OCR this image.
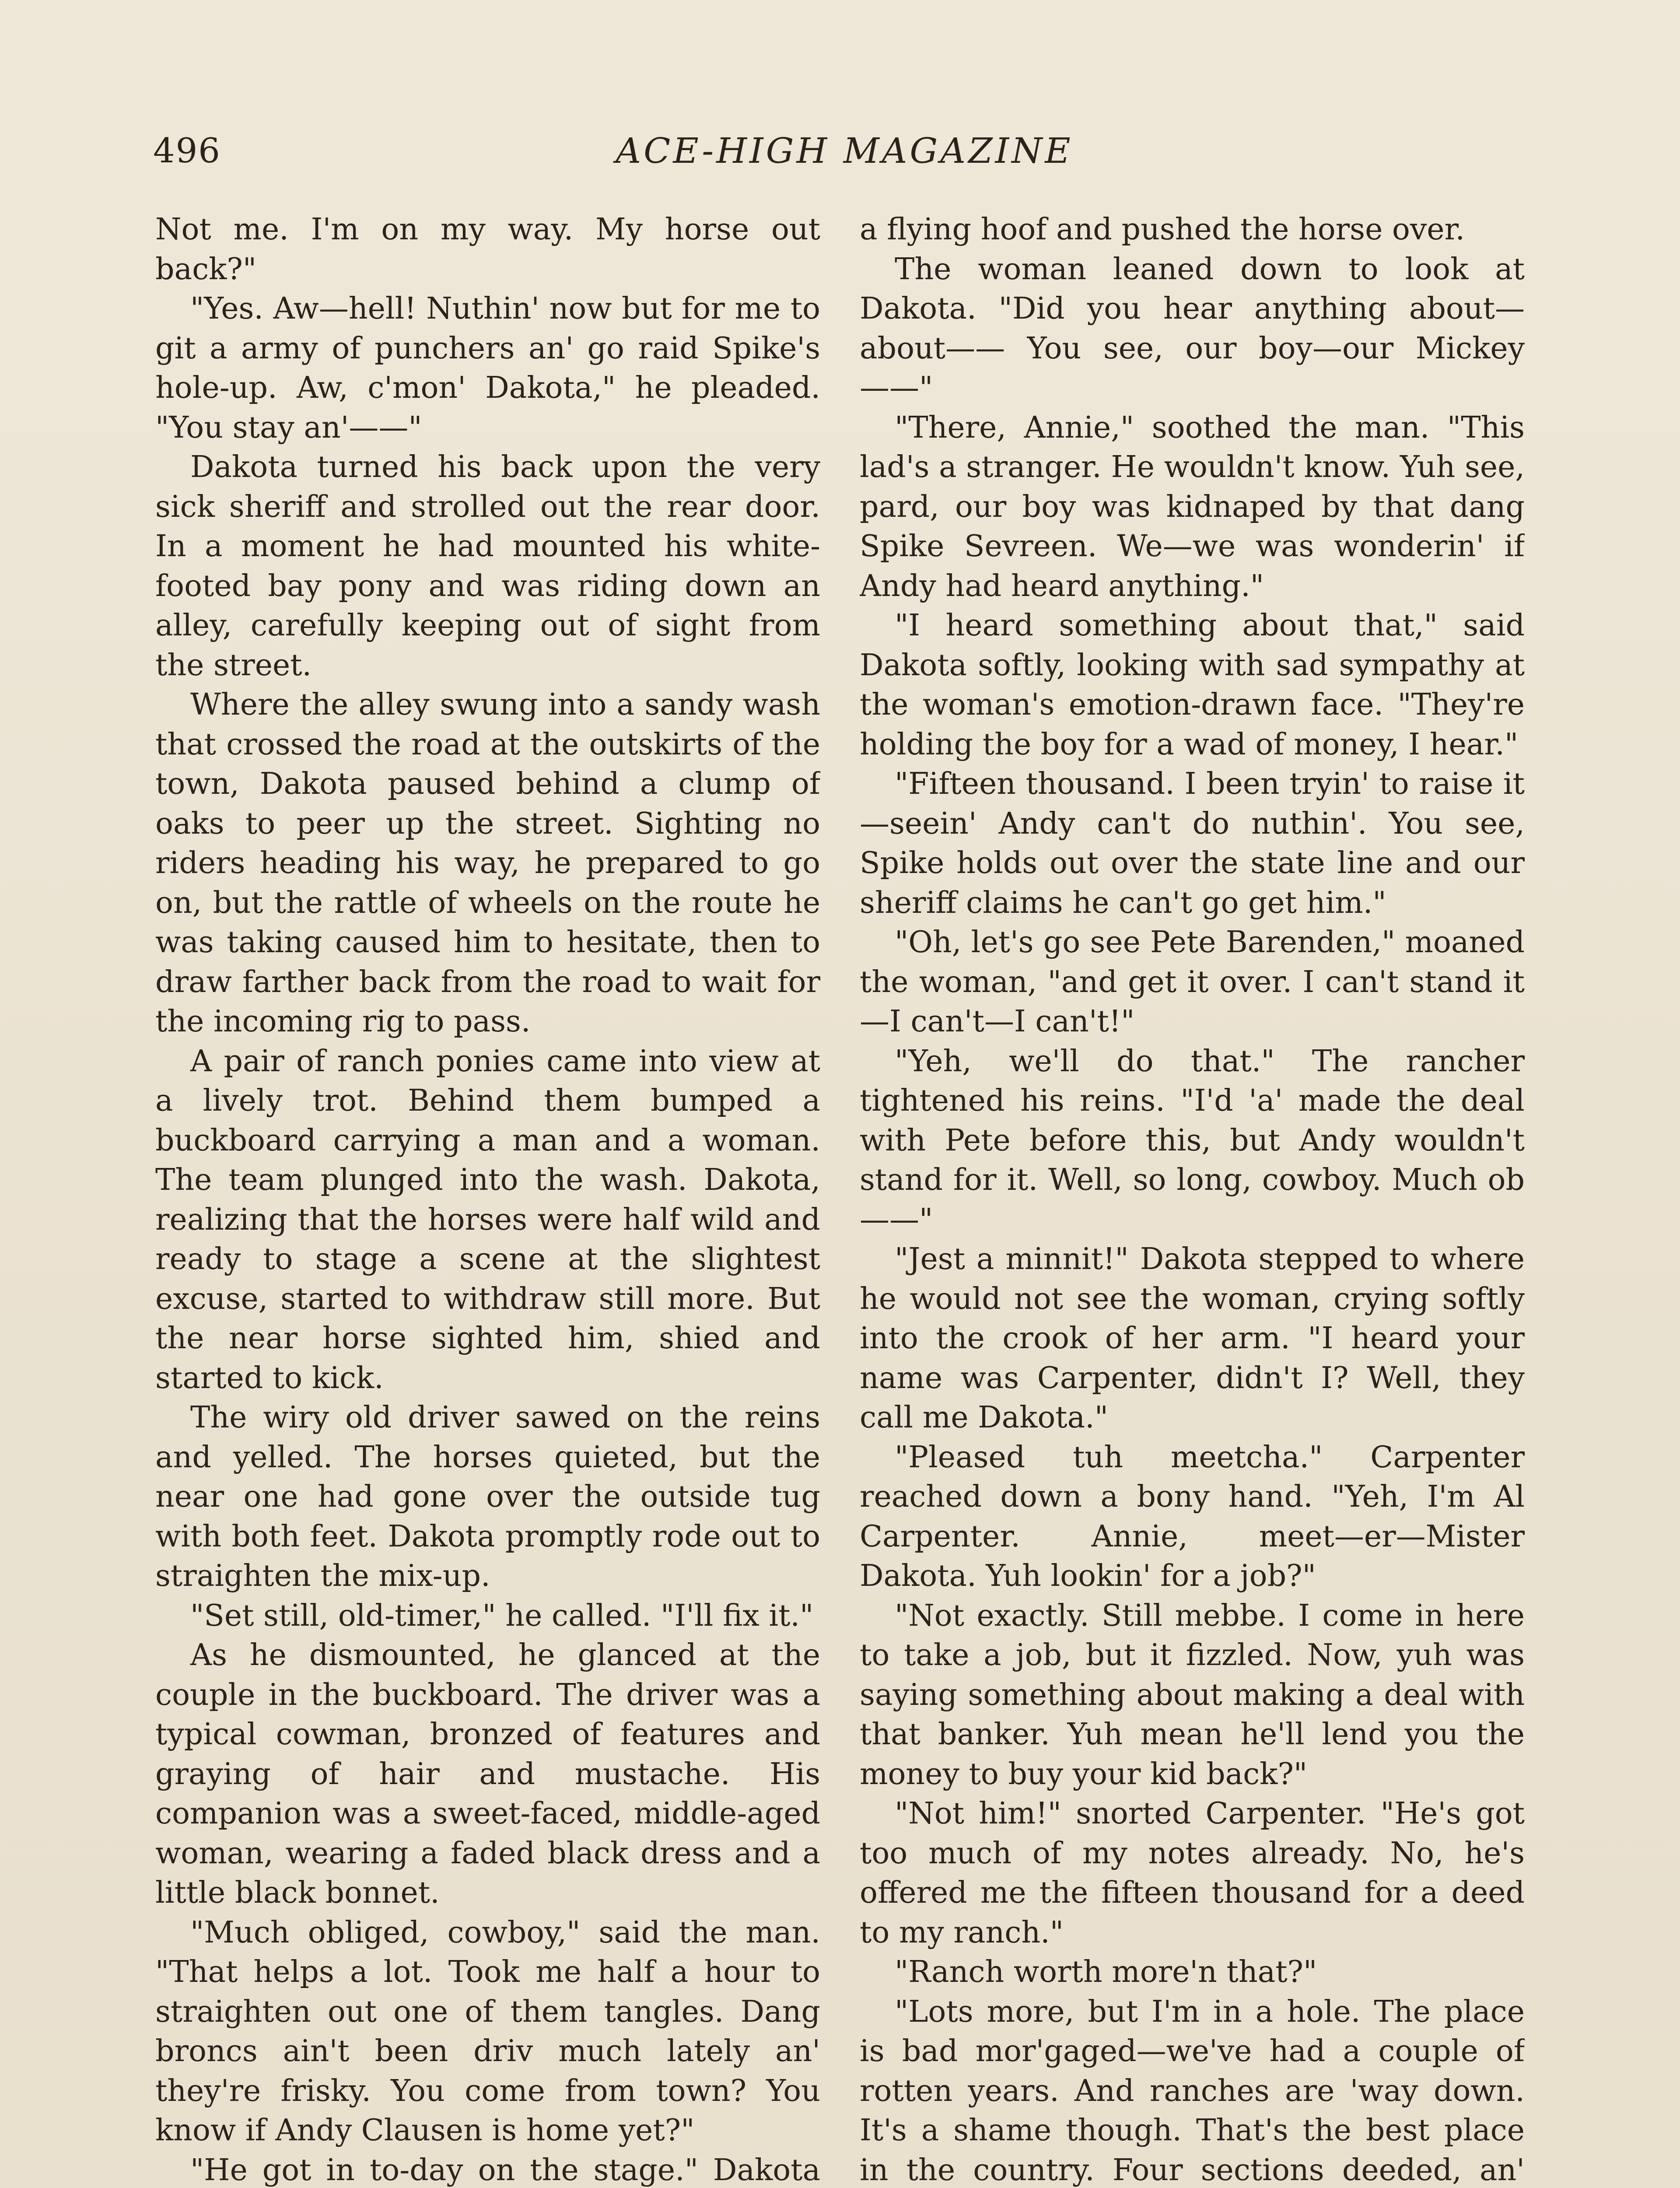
496	ACE-HIGH MAGAZINE

Not me. I'm on my way. My horse out back?"

"Yes. Aw—hell! Nuthin' now but for me to git a army of punchers an' go raid Spike's hole-up. Aw, c'mon' Dakota," he pleaded. "You stay an'——"

Dakota turned his back upon the very sick sheriff and strolled out the rear door. In a moment he had mounted his white-footed bay pony and was riding down an alley, carefully keeping out of sight from the street.

Where the alley swung into a sandy wash that crossed the road at the outskirts of the town, Dakota paused behind a clump of oaks to peer up the street. Sighting no riders heading his way, he prepared to go on, but the rattle of wheels on the route he was taking caused him to hesitate, then to draw farther back from the road to wait for the incoming rig to pass.

A pair of ranch ponies came into view at a lively trot. Behind them bumped a buckboard carrying a man and a woman. The team plunged into the wash. Dakota, realizing that the horses were half wild and ready to stage a scene at the slightest excuse, started to withdraw still more. But the near horse sighted him, shied and started to kick.

The wiry old driver sawed on the reins and yelled. The horses quieted, but the near one had gone over the outside tug with both feet. Dakota promptly rode out to straighten the mix-up.

"Set still, old-timer," he called. "I'll fix it."

As he dismounted, he glanced at the couple in the buckboard. The driver was a typical cowman, bronzed of features and graying of hair and mustache. His companion was a sweet-faced, middle-aged woman, wearing a faded black dress and a little black bonnet.

"Much obliged, cowboy," said the man. "That helps a lot. Took me half a hour to straighten out one of them tangles. Dang broncs ain't been driv much lately an' they're frisky. You come from town? You know if Andy Clausen is home yet?"

"He got in to-day on the stage." Dakota

a flying hoof and pushed the horse over.

The woman leaned down to look at Dakota. "Did you hear anything about—about—— You see, our boy—our Mickey——"

"There, Annie," soothed the man. "This lad's a stranger. He wouldn't know. Yuh see, pard, our boy was kidnaped by that dang Spike Sevreen. We—we was wonderin' if Andy had heard anything."

"I heard something about that," said Dakota softly, looking with sad sympathy at the woman's emotion-drawn face. "They're holding the boy for a wad of money, I hear."

"Fifteen thousand. I been tryin' to raise it—seein' Andy can't do nuthin'. You see, Spike holds out over the state line and our sheriff claims he can't go get him."

"Oh, let's go see Pete Barenden," moaned the woman, "and get it over. I can't stand it—I can't—I can't!"

"Yeh, we'll do that." The rancher tightened his reins. "I'd 'a' made the deal with Pete before this, but Andy wouldn't stand for it. Well, so long, cowboy. Much ob——"

"Jest a minnit!" Dakota stepped to where he would not see the woman, crying softly into the crook of her arm. "I heard your name was Carpenter, didn't I? Well, they call me Dakota."

"Pleased tuh meetcha." Carpenter reached down a bony hand. "Yeh, I'm Al Carpenter. Annie, meet—er—Mister Dakota. Yuh lookin' for a job?"

"Not exactly. Still mebbe. I come in here to take a job, but it fizzled. Now, yuh was saying something about making a deal with that banker. Yuh mean he'll lend you the money to buy your kid back?"

"Not him!" snorted Carpenter. "He's got too much of my notes already. No, he's offered me the fifteen thousand for a deed to my ranch."

"Ranch worth more'n that?"

"Lots more, but I'm in a hole. The place is bad mor'gaged—we've had a couple of rotten years. And ranches are 'way down. It's a shame though. That's the best place in the country. Four sections deeded, an'
